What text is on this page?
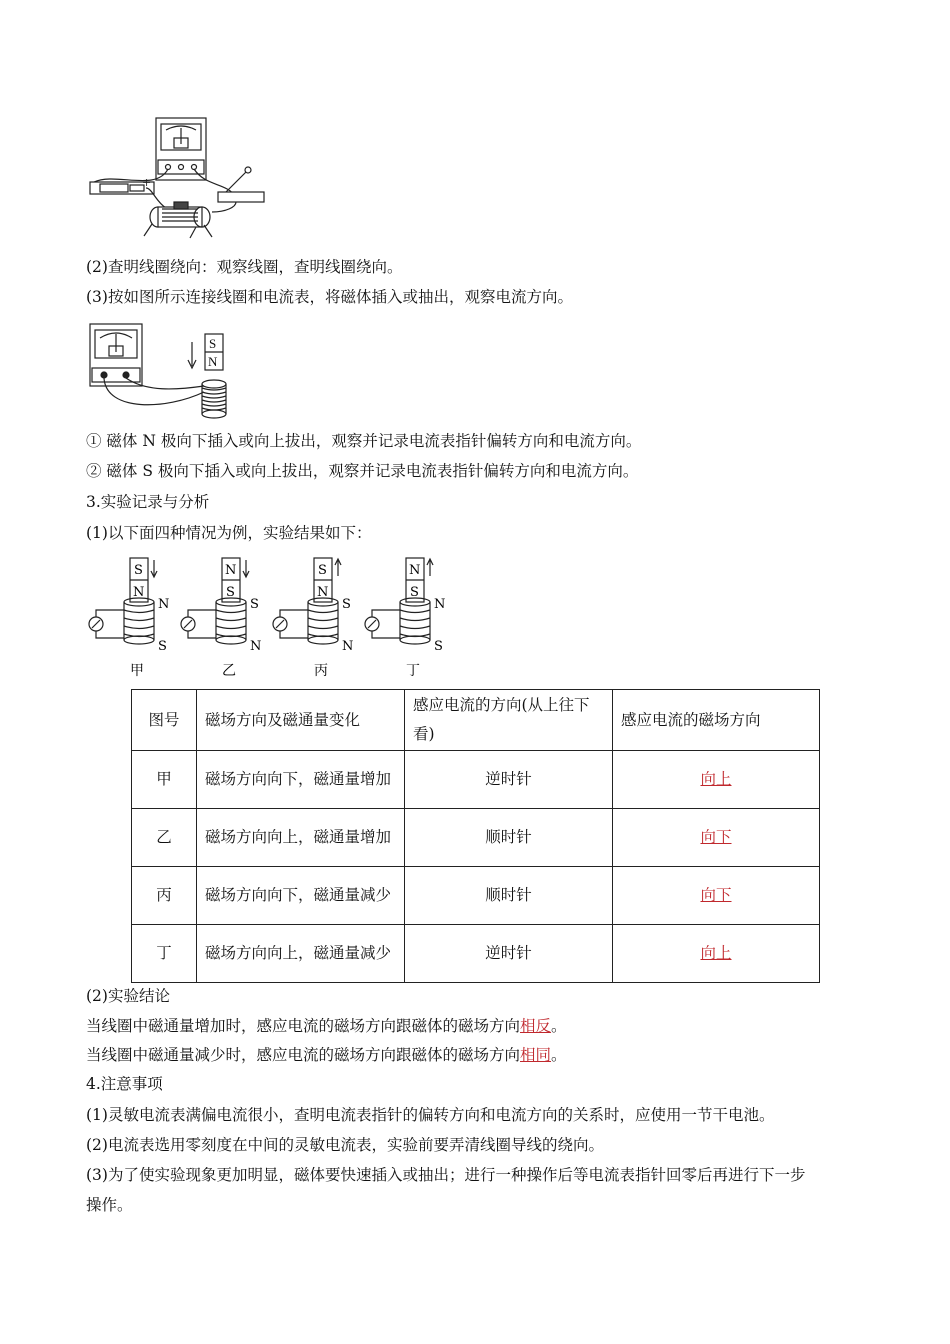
+

(2)查明线圈绕向：观察线圈，查明线圈绕向。

(3)按如图所示连接线圈和电流表，将磁体插入或抽出，观察电流方向。

S
N

① 磁体 N 极向下插入或向上拔出，观察并记录电流表指针偏转方向和电流方向。

② 磁体 S 极向下插入或向上拔出，观察并记录电流表指针偏转方向和电流方向。

3.实验记录与分析

(1)以下面四种情况为例，实验结果如下：

S
N
N
S
甲
N
S
S
N
乙
S
N
S
N
丙
N
S
N
S
丁
图号	磁场方向及磁通量变化	感应电流的方向(从上往下看)	感应电流的磁场方向
甲	磁场方向向下，磁通量增加	逆时针	向上
乙	磁场方向向上，磁通量增加	顺时针	向下
丙	磁场方向向下，磁通量减少	顺时针	向下
丁	磁场方向向上，磁通量减少	逆时针	向上

(2)实验结论

当线圈中磁通量增加时，感应电流的磁场方向跟磁体的磁场方向相反。

当线圈中磁通量减少时，感应电流的磁场方向跟磁体的磁场方向相同。

4.注意事项

(1)灵敏电流表满偏电流很小，查明电流表指针的偏转方向和电流方向的关系时，应使用一节干电池。

(2)电流表选用零刻度在中间的灵敏电流表，实验前要弄清线圈导线的绕向。

(3)为了使实验现象更加明显，磁体要快速插入或抽出；进行一种操作后等电流表指针回零后再进行下一步

操作。
